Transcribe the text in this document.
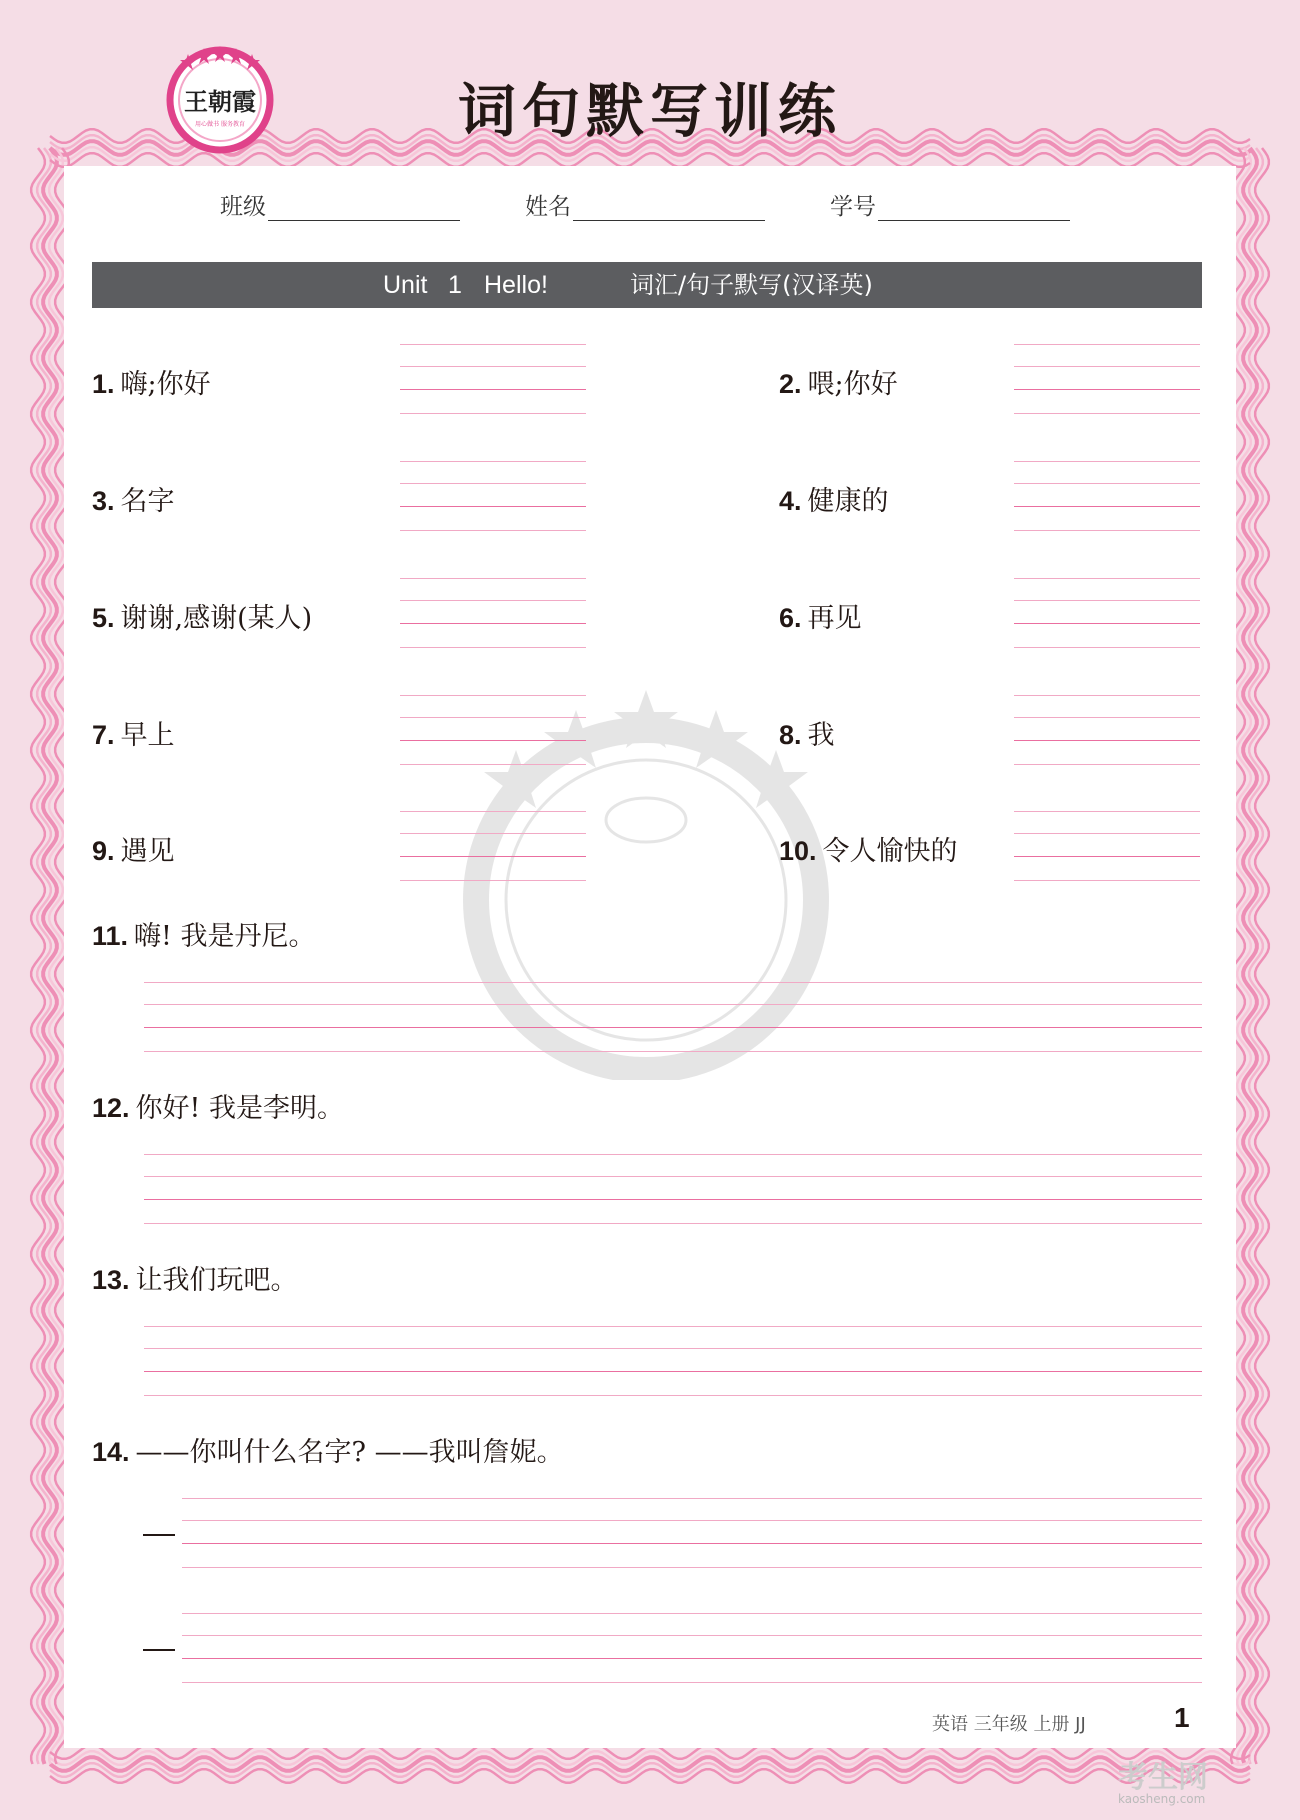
王朝霞
用心做书 服务教育	词句默写训练
班级	姓名	学号
Unit 1 Hello!	词汇/句子默写(汉译英)
1. 嗨;你好	2. 喂;你好
3. 名字	4. 健康的
5. 谢谢,感谢(某人)	6. 再见
7. 早上	8. 我
9. 遇见	10. 令人愉快的
11. 嗨! 我是丹尼。
12. 你好! 我是李明。
13. 让我们玩吧。
14. ——你叫什么名字? ——我叫詹妮。
英语 三年级 上册 JJ	1
考生网
kaosheng.com
